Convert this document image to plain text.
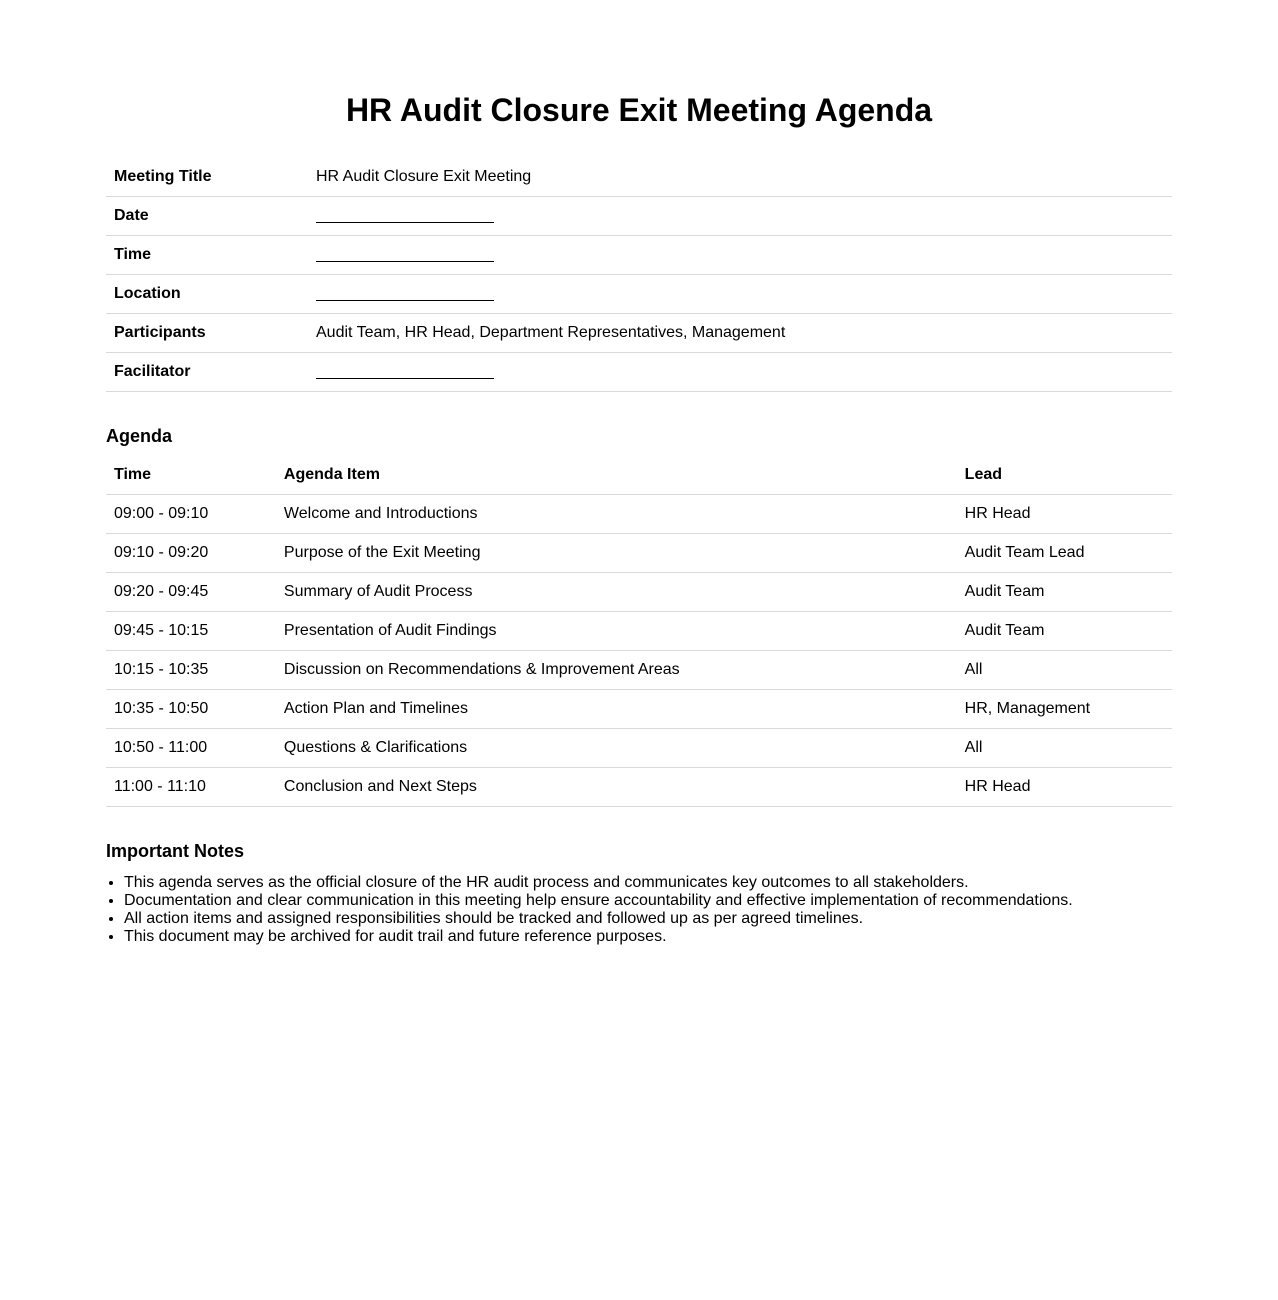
HR Audit Closure Exit Meeting Agenda
Meeting Title	HR Audit Closure Exit Meeting
Date	
Time	
Location	
Participants	Audit Team, HR Head, Department Representatives, Management
Facilitator	
Agenda
Time	Agenda Item	Lead
09:00 - 09:10	Welcome and Introductions	HR Head
09:10 - 09:20	Purpose of the Exit Meeting	Audit Team Lead
09:20 - 09:45	Summary of Audit Process	Audit Team
09:45 - 10:15	Presentation of Audit Findings	Audit Team
10:15 - 10:35	Discussion on Recommendations & Improvement Areas	All
10:35 - 10:50	Action Plan and Timelines	HR, Management
10:50 - 11:00	Questions & Clarifications	All
11:00 - 11:10	Conclusion and Next Steps	HR Head
Important Notes
• This agenda serves as the official closure of the HR audit process and communicates key outcomes to all stakeholders.
• Documentation and clear communication in this meeting help ensure accountability and effective implementation of recommendations.
• All action items and assigned responsibilities should be tracked and followed up as per agreed timelines.
• This document may be archived for audit trail and future reference purposes.
